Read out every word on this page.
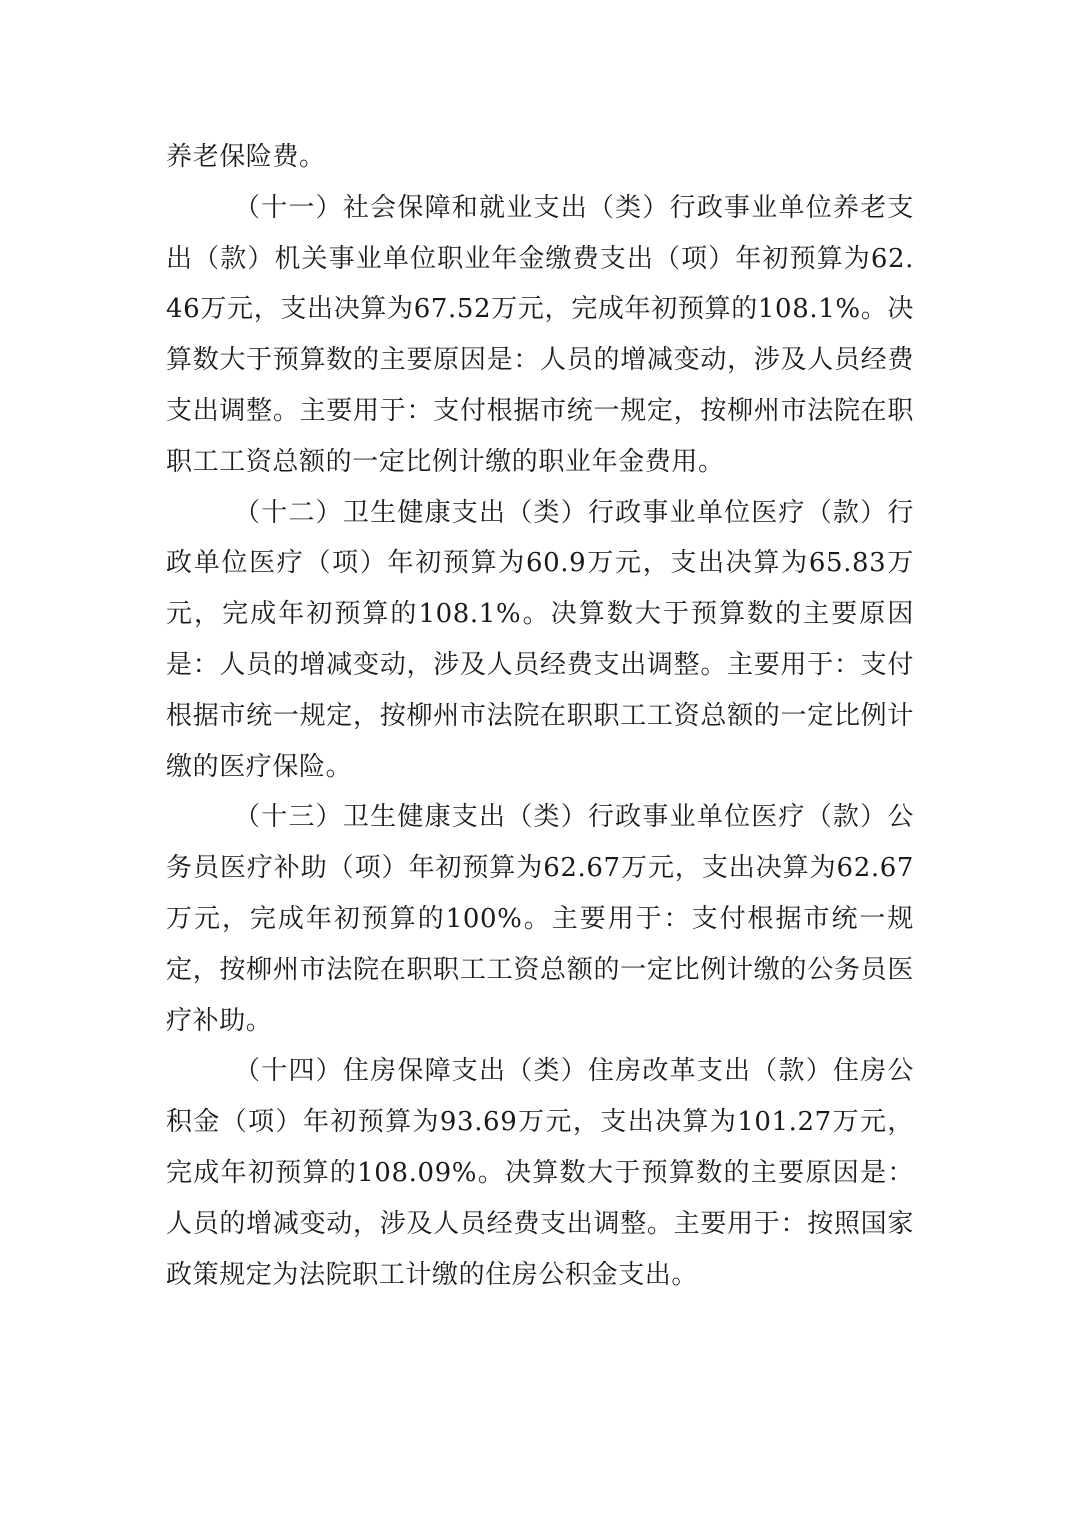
养老保险费。

（十一）社会保障和就业支出（类）行政事业单位养老支出（款）机关事业单位职业年金缴费支出（项）年初预算为62.46万元，支出决算为67.52万元，完成年初预算的108.1%。决算数大于预算数的主要原因是：人员的增减变动，涉及人员经费支出调整。主要用于：支付根据市统一规定，按柳州市法院在职职工工资总额的一定比例计缴的职业年金费用。

（十二）卫生健康支出（类）行政事业单位医疗（款）行政单位医疗（项）年初预算为60.9万元，支出决算为65.83万元，完成年初预算的108.1%。决算数大于预算数的主要原因是：人员的增减变动，涉及人员经费支出调整。主要用于：支付根据市统一规定，按柳州市法院在职职工工资总额的一定比例计缴的医疗保险。

（十三）卫生健康支出（类）行政事业单位医疗（款）公务员医疗补助（项）年初预算为62.67万元，支出决算为62.67万元，完成年初预算的100%。主要用于：支付根据市统一规定，按柳州市法院在职职工工资总额的一定比例计缴的公务员医疗补助。

（十四）住房保障支出（类）住房改革支出（款）住房公积金（项）年初预算为93.69万元，支出决算为101.27万元，完成年初预算的108.09%。决算数大于预算数的主要原因是：人员的增减变动，涉及人员经费支出调整。主要用于：按照国家政策规定为法院职工计缴的住房公积金支出。
